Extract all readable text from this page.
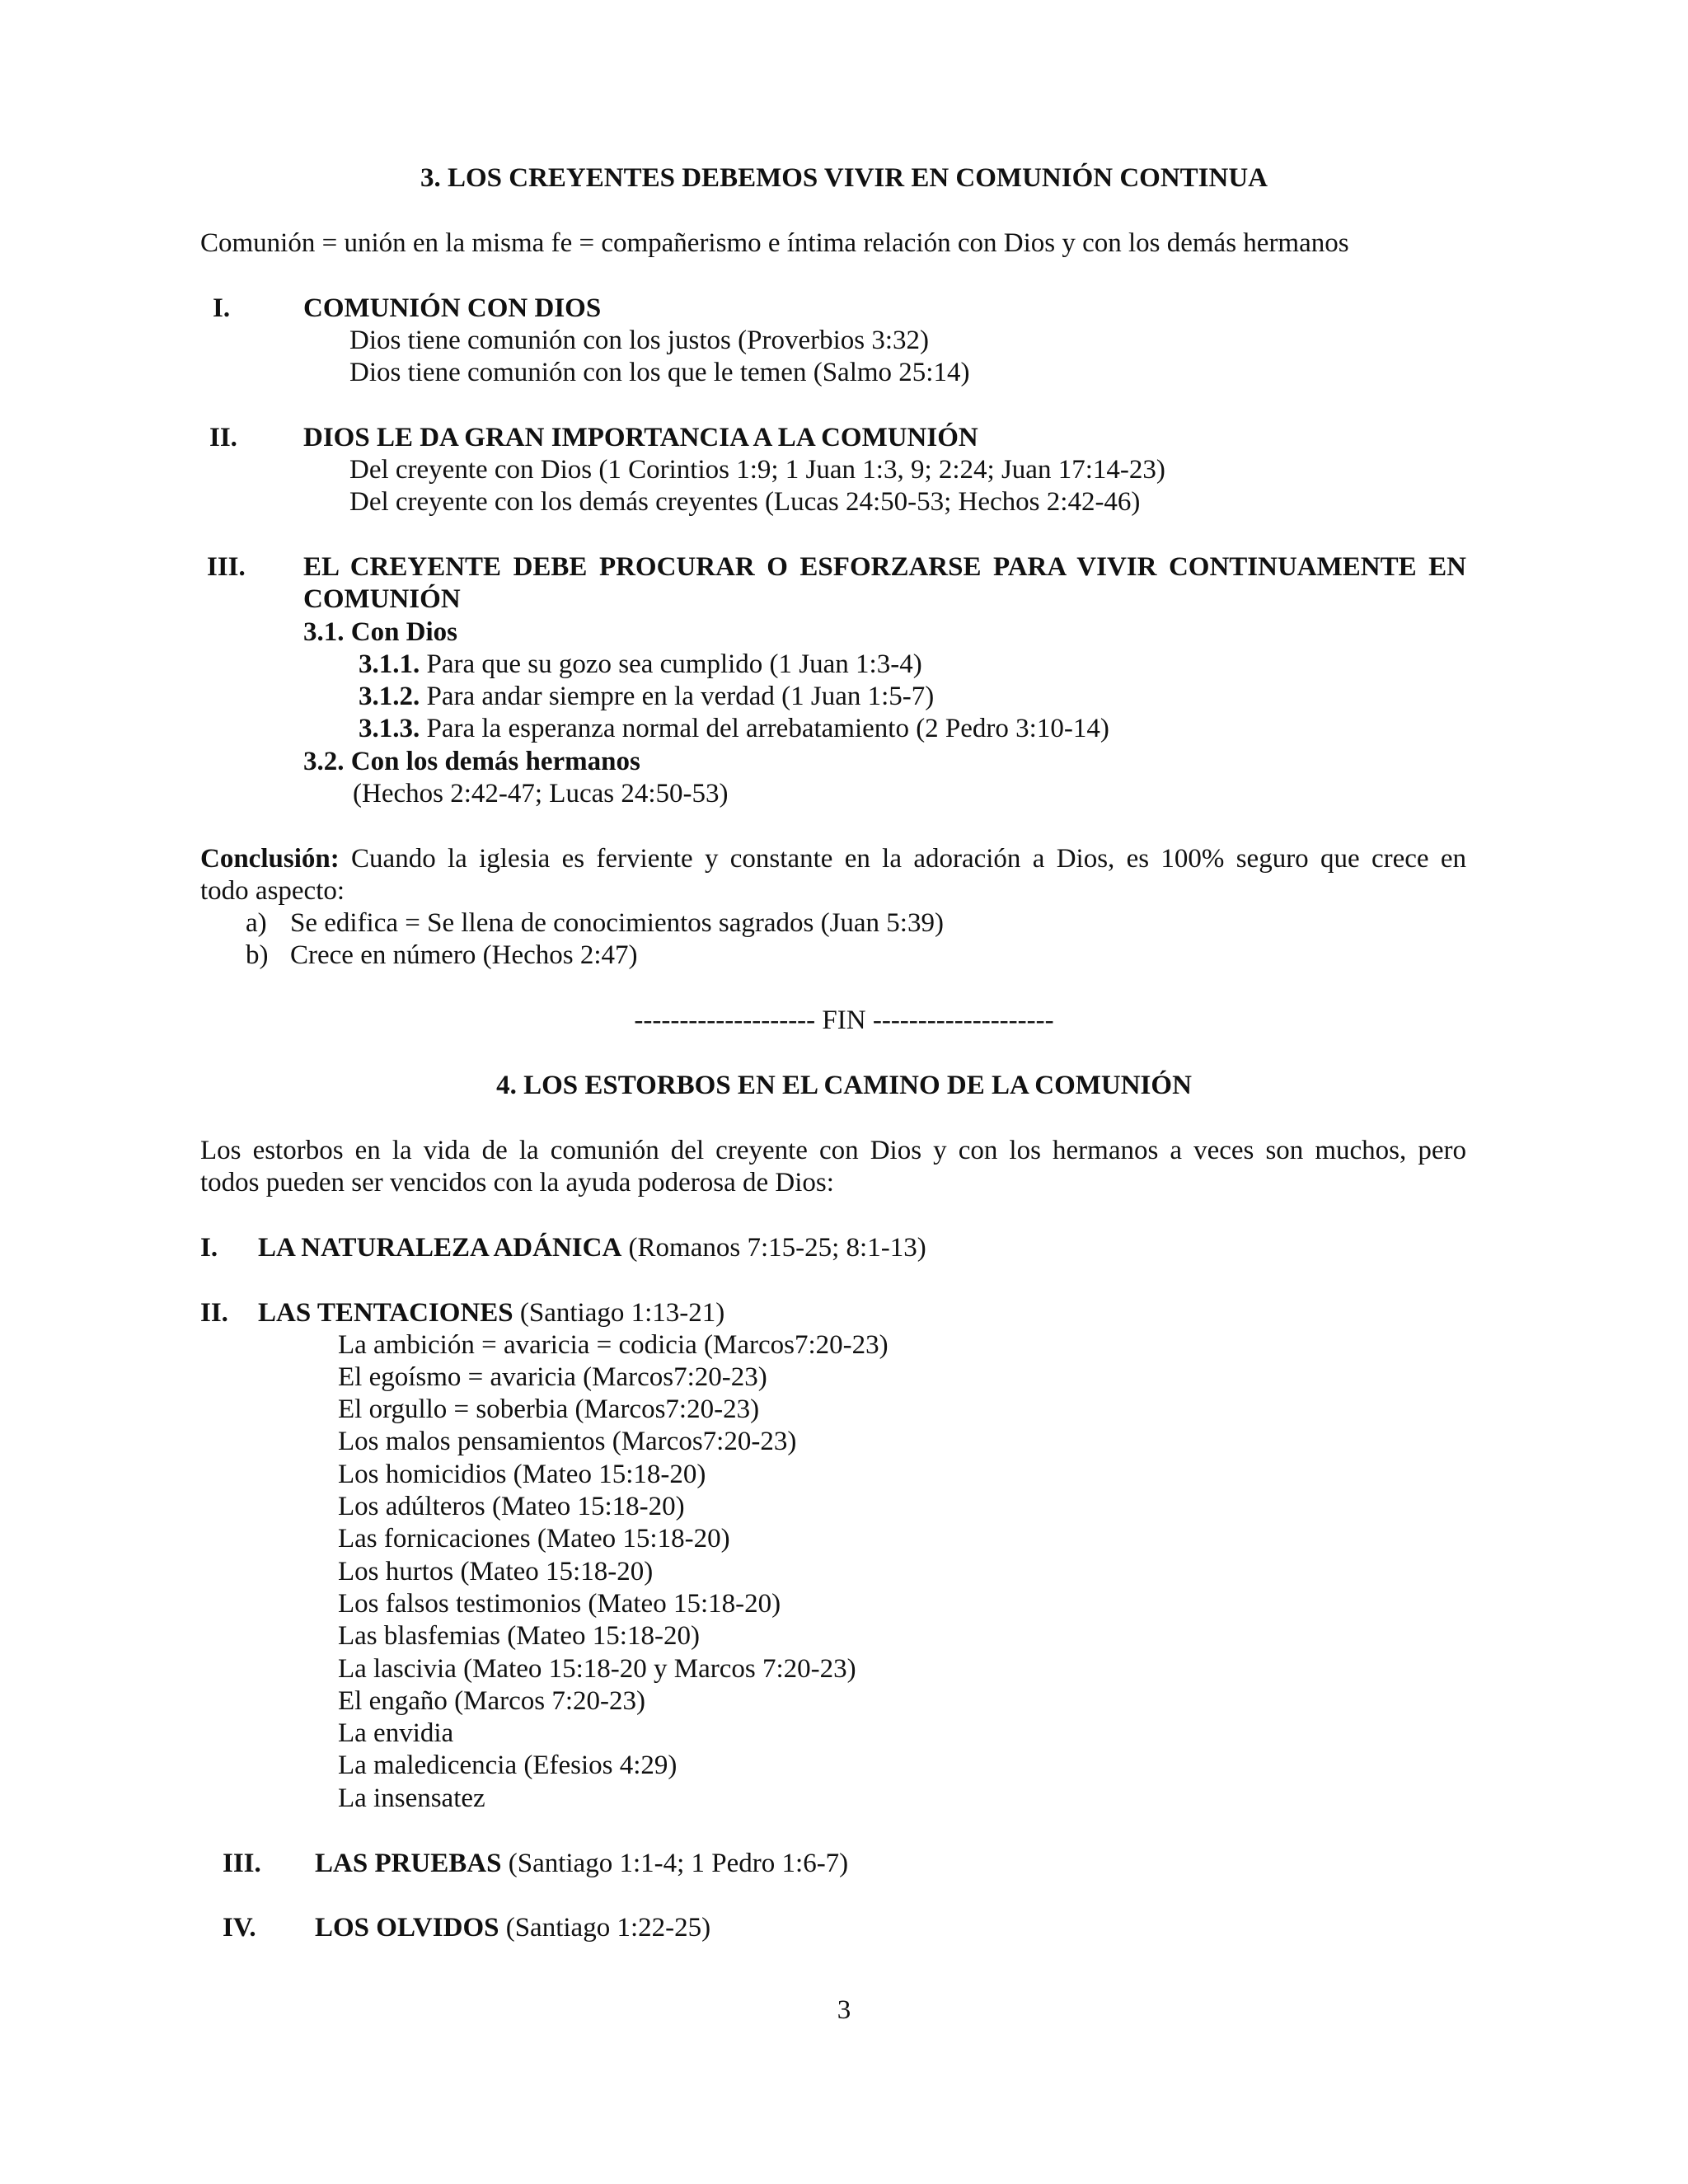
3. LOS CREYENTES DEBEMOS VIVIR EN COMUNIÓN CONTINUA
Comunión = unión en la misma fe = compañerismo e íntima relación con Dios y con los demás hermanos
I.	COMUNIÓN CON DIOS
Dios tiene comunión con los justos (Proverbios 3:32)
Dios tiene comunión con los que le temen (Salmo 25:14)
II. DIOS LE DA GRAN IMPORTANCIA A LA COMUNIÓN
Del creyente con Dios (1 Corintios 1:9; 1 Juan 1:3, 9; 2:24; Juan 17:14-23)
Del creyente con los demás creyentes (Lucas 24:50-53; Hechos 2:42-46)
III. EL CREYENTE DEBE PROCURAR O ESFORZARSE PARA VIVIR CONTINUAMENTE EN
COMUNIÓN
3.1. Con Dios
3.1.1. Para que su gozo sea cumplido (1 Juan 1:3-4)
3.1.2. Para andar siempre en la verdad (1 Juan 1:5-7)
3.1.3. Para la esperanza normal del arrebatamiento (2 Pedro 3:10-14)
3.2. Con los demás hermanos
(Hechos 2:42-47; Lucas 24:50-53)
Conclusión: Cuando la iglesia es ferviente y constante en la adoración a Dios, es 100% seguro que crece en
todo aspecto:
a) Se edifica = Se llena de conocimientos sagrados (Juan 5:39)
b) Crece en número (Hechos 2:47)
-------------------- FIN --------------------
4. LOS ESTORBOS EN EL CAMINO DE LA COMUNIÓN
Los estorbos en la vida de la comunión del creyente con Dios y con los hermanos a veces son muchos, pero
todos pueden ser vencidos con la ayuda poderosa de Dios:
I. LA NATURALEZA ADÁNICA (Romanos 7:15-25; 8:1-13)
II. LAS TENTACIONES (Santiago 1:13-21)
La ambición = avaricia = codicia (Marcos7:20-23)
El egoísmo = avaricia (Marcos7:20-23)
El orgullo = soberbia (Marcos7:20-23)
Los malos pensamientos (Marcos7:20-23)
Los homicidios (Mateo 15:18-20)
Los adúlteros (Mateo 15:18-20)
Las fornicaciones (Mateo 15:18-20)
Los hurtos (Mateo 15:18-20)
Los falsos testimonios (Mateo 15:18-20)
Las blasfemias (Mateo 15:18-20)
La lascivia (Mateo 15:18-20 y Marcos 7:20-23)
El engaño (Marcos 7:20-23)
La envidia
La maledicencia (Efesios 4:29)
La insensatez
III. LAS PRUEBAS (Santiago 1:1-4; 1 Pedro 1:6-7)
IV. LOS OLVIDOS (Santiago 1:22-25)
3
